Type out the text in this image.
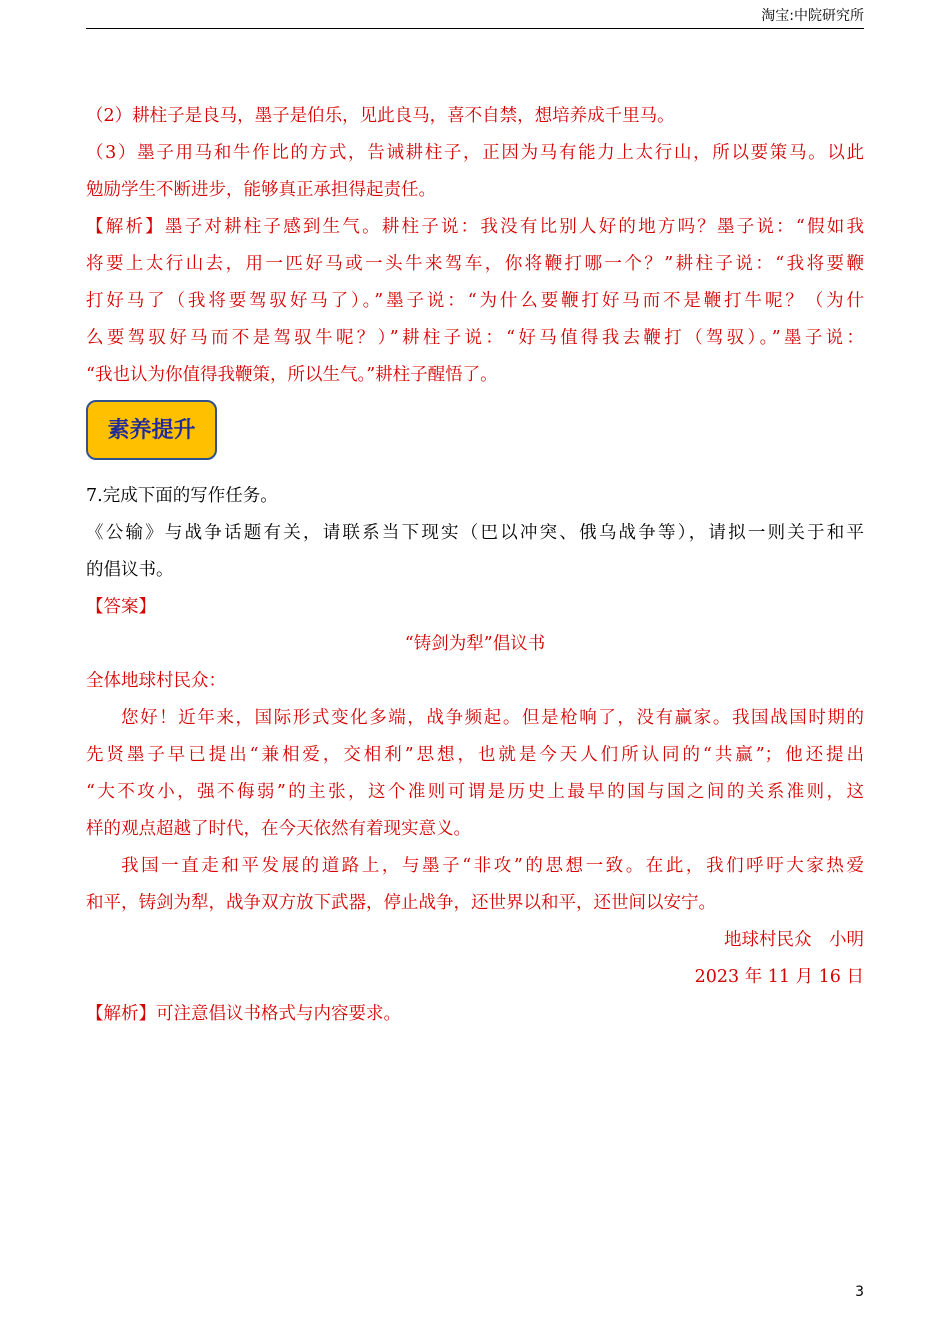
淘宝:中院研究所
（2）耕柱子是良马，墨子是伯乐，见此良马，喜不自禁，想培养成千里马。
（3）墨子用马和牛作比的方式，告诫耕柱子，正因为马有能力上太行山，所以要策马。以此
勉励学生不断进步，能够真正承担得起责任。
【解析】墨子对耕柱子感到生气。耕柱子说：我没有比别人好的地方吗？墨子说：“假如我
将要上太行山去，用一匹好马或一头牛来驾车，你将鞭打哪一个？”耕柱子说：“我将要鞭
打好马了（我将要驾驭好马了）。”墨子说：“为什么要鞭打好马而不是鞭打牛呢？（为什
么要驾驭好马而不是驾驭牛呢？）”耕柱子说：“好马值得我去鞭打（驾驭）。”墨子说：
“我也认为你值得我鞭策，所以生气。”耕柱子醒悟了。
素养提升
7.完成下面的写作任务。
《公输》与战争话题有关，请联系当下现实（巴以冲突、俄乌战争等），请拟一则关于和平
的倡议书。
【答案】
“铸剑为犁”倡议书
全体地球村民众：
您好！近年来，国际形式变化多端，战争频起。但是枪响了，没有赢家。我国战国时期的
先贤墨子早已提出“兼相爱，交相利”思想，也就是今天人们所认同的“共赢”；他还提出
“大不攻小，强不侮弱”的主张，这个准则可谓是历史上最早的国与国之间的关系准则，这
样的观点超越了时代，在今天依然有着现实意义。
我国一直走和平发展的道路上，与墨子“非攻”的思想一致。在此，我们呼吁大家热爱
和平，铸剑为犁，战争双方放下武器，停止战争，还世界以和平，还世间以安宁。
地球村民众　小明
2023 年 11 月 16 日
【解析】可注意倡议书格式与内容要求。
3
